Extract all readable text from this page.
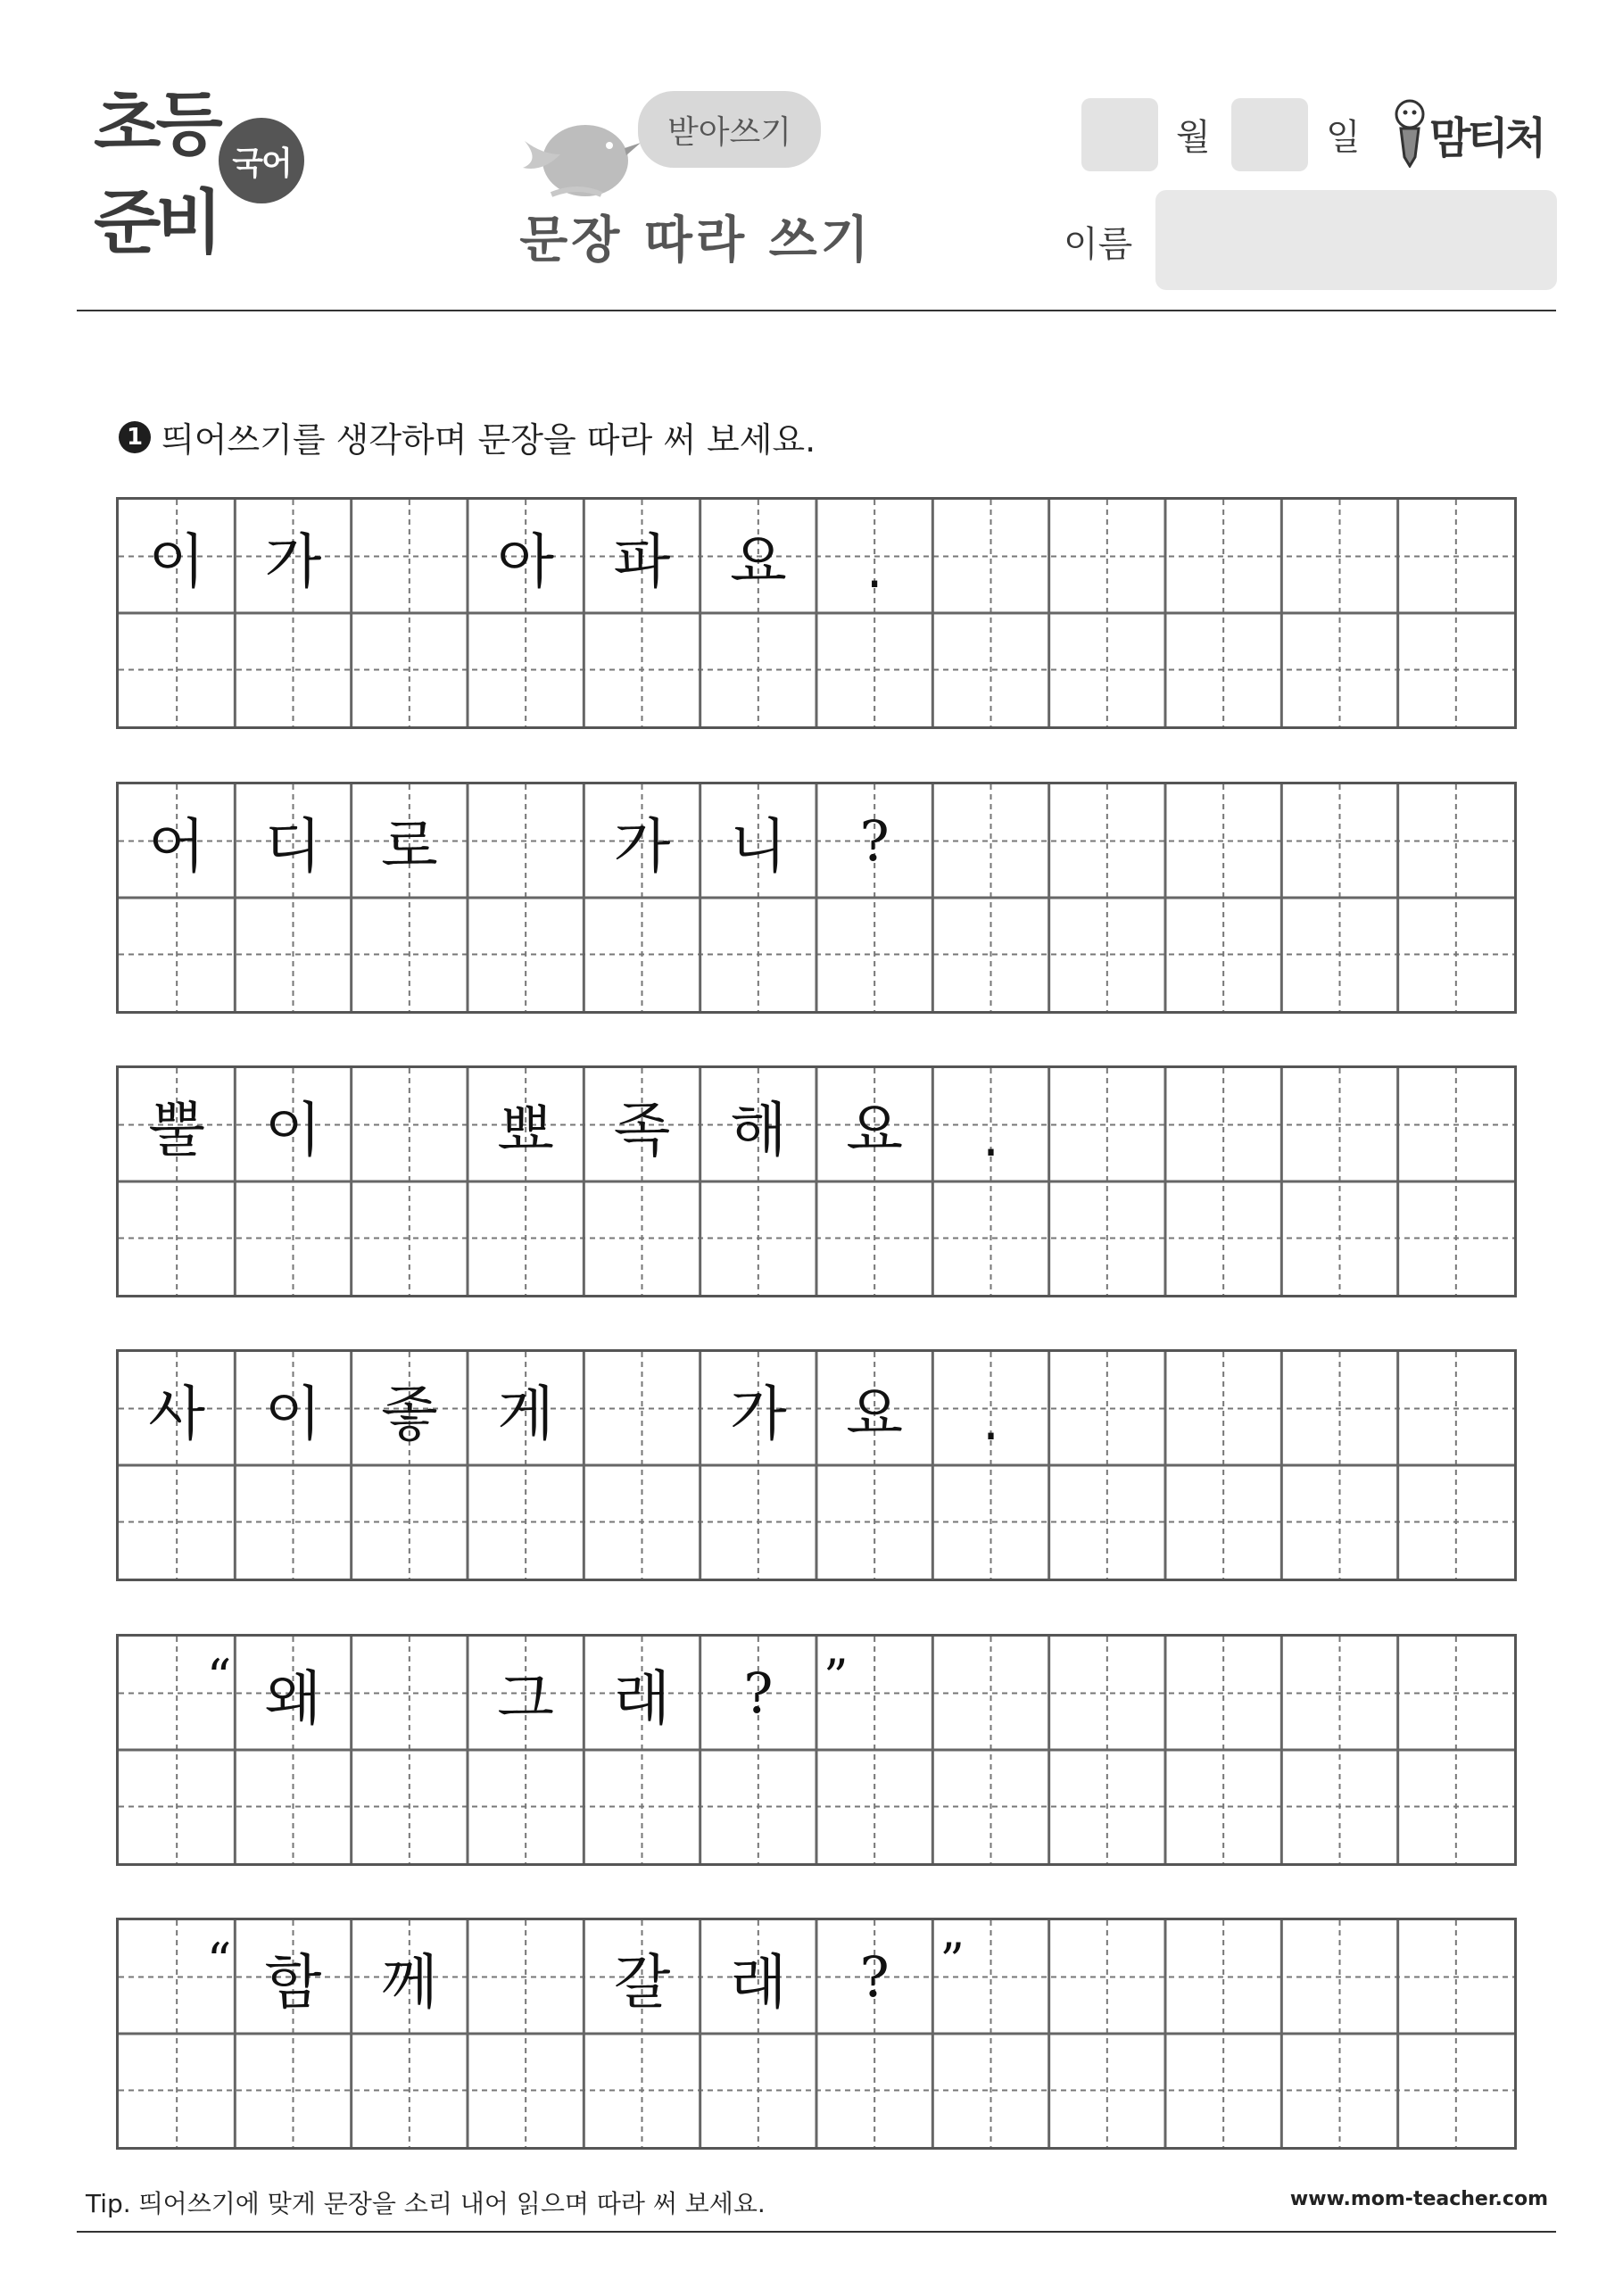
초등
준비
국어
받아쓰기
문장 따라 쓰기
월	일 맘티처
이름
1 띄어쓰기를 생각하며 문장을 따라 써 보세요.
이	가	아	파	요	.
어	디	로	가	니	?
뿔	이	뾰	족	해	요	.
사	이	좋	게	가	요	.
“ 왜	그	래	?	”
“ 함	께	갈	래	?	”
Tip. 띄어쓰기에 맞게 문장을 소리 내어 읽으며 따라 써 보세요.	www.mom-teacher.com
